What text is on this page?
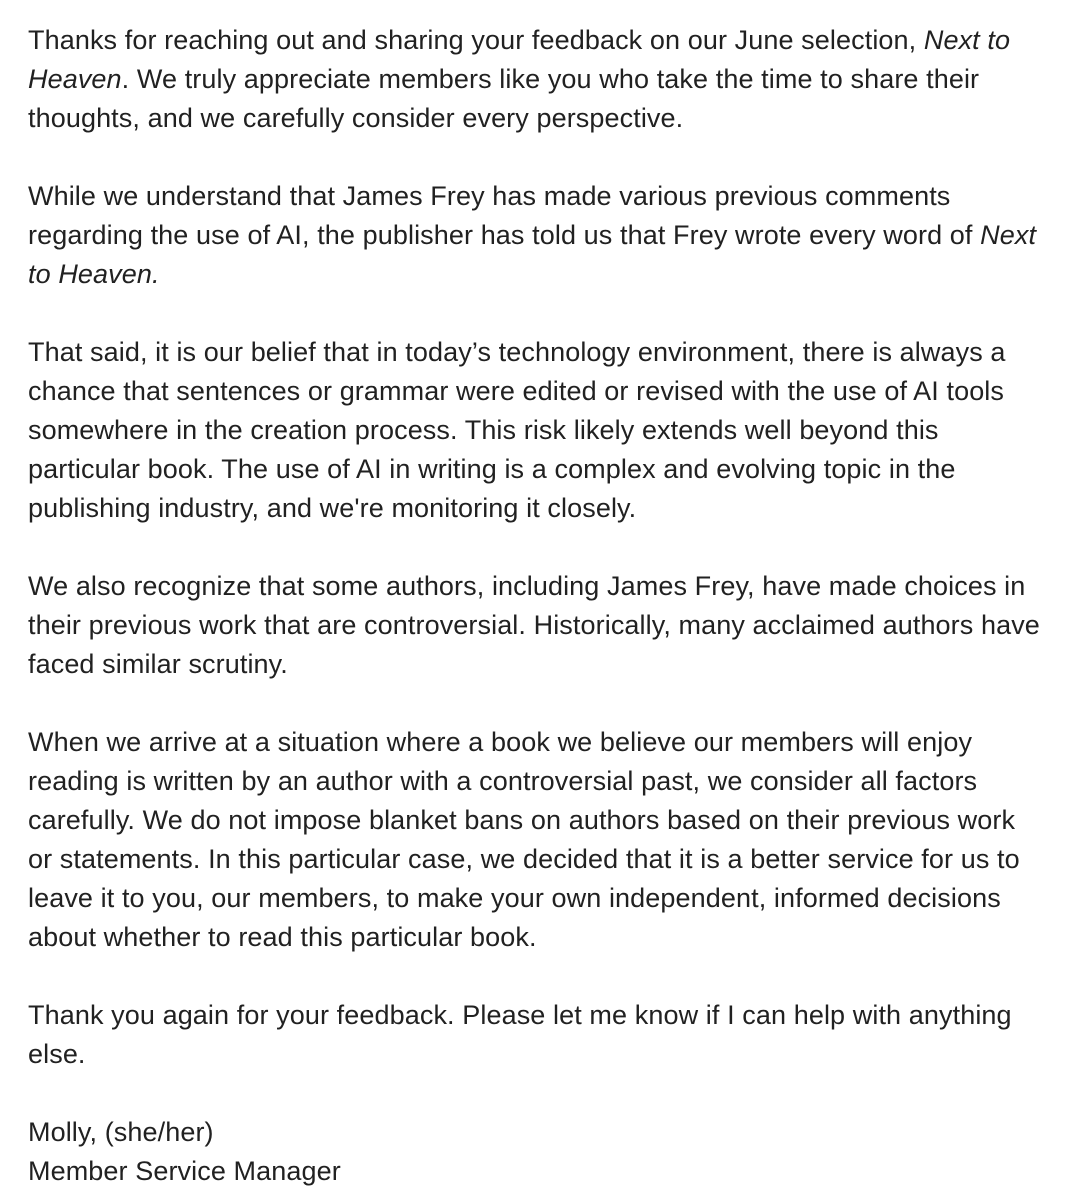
Thanks for reaching out and sharing your feedback on our June selection, Next to Heaven. We truly appreciate members like you who take the time to share their thoughts, and we carefully consider every perspective.

While we understand that James Frey has made various previous comments regarding the use of AI, the publisher has told us that Frey wrote every word of Next to Heaven.

That said, it is our belief that in today’s technology environment, there is always a chance that sentences or grammar were edited or revised with the use of AI tools somewhere in the creation process. This risk likely extends well beyond this particular book. The use of AI in writing is a complex and evolving topic in the publishing industry, and we're monitoring it closely.

We also recognize that some authors, including James Frey, have made choices in their previous work that are controversial. Historically, many acclaimed authors have faced similar scrutiny.

When we arrive at a situation where a book we believe our members will enjoy reading is written by an author with a controversial past, we consider all factors carefully. We do not impose blanket bans on authors based on their previous work or statements. In this particular case, we decided that it is a better service for us to leave it to you, our members, to make your own independent, informed decisions about whether to read this particular book.

Thank you again for your feedback. Please let me know if I can help with anything else.

Molly, (she/her)
Member Service Manager
